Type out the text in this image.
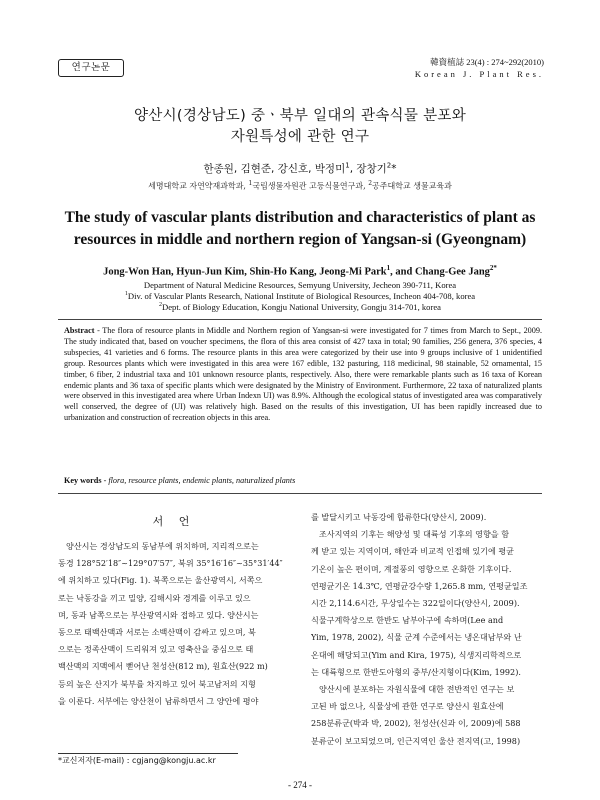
연구논문	韓資植誌 23(4) : 274~292(2010)
Korean J. Plant Res.
양산시(경상남도) 중ㆍ북부 일대의 관속식물 분포와
자원특성에 관한 연구
한종원, 김현준, 강신호, 박정미$^1$, 장창기$^2$*
세명대학교 자연약재과학과, $^1$국립생물자원관 고등식물연구과, $^2$공주대학교 생물교육과
The study of vascular plants distribution and characteristics of plant as
resources in middle and northern region of Yangsan-si (Gyeongnam)
Jong-Won Han, Hyun-Jun Kim, Shin-Ho Kang, Jeong-Mi Park$^1$, and Chang-Gee Jang$^{2*}$
Department of Natural Medicine Resources, Semyung University, Jecheon 390-711, Korea
$^1$Div. of Vascular Plants Research, National Institute of Biological Resources, Incheon 404-708, korea
$^2$Dept. of Biology Education, Kongju National University, Gongju 314-701, korea
Abstract - The flora of resource plants in Middle and Northern region of Yangsan-si were investigated for 7 times from March to Sept., 2009. The study indicated that, based on voucher specimens, the flora of this area consist of 427 taxa in total; 90 families, 256 genera, 376 species, 4 subspecies, 41 varieties and 6 forms. The resource plants in this area were categorized by their use into 9 groups inclusive of 1 unidentified group. Resources plants which were investigated in this area were 167 edible, 132 pasturing, 118 medicinal, 98 stainable, 52 ornamental, 15 timber, 6 fiber, 2 industrial taxa and 101 unknown resource plants, respectively. Also, there were remarkable plants such as 16 taxa of Korean endemic plants and 36 taxa of specific plants which were designated by the Ministry of Environment. Furthermore, 22 taxa of naturalized plants were observed in this investigated area where Urban Indexn UI) was 8.9%. Although the ecological status of investigated area was comparatively well conserved, the degree of (UI) was relatively high. Based on the results of this investigation, UI has been rapidly increased due to urbanization and construction of recreation objects in this area.
Key words - flora, resource plants, endemic plants, naturalized plants
서 언
양산시는 경상남도의 동남부에 위치하며, 지리적으로는
동경 128°52′18″~129°07′57″, 북위 35°16′16″~35°31′44″
에 위치하고 있다(Fig. 1). 북쪽으로는 울산광역시, 서쪽으
로는 낙동강을 끼고 밀양, 김해시와 경계를 이루고 있으
며, 동과 남쪽으로는 부산광역시와 접하고 있다. 양산시는
동으로 태백산맥과 서로는 소백산맥이 감싸고 있으며, 북
으로는 정족산맥이 드리워져 있고 영축산을 중심으로 태
백산맥의 지맥에서 뻗어난 천성산(812 m), 원효산(922 m)
등의 높은 산지가 북부를 차지하고 있어 북고남저의 지형
을 이룬다. 서부에는 양산천이 남류하면서 그 양안에 평야
를 발달시키고 낙동강에 합류한다(양산시, 2009).
조사지역의 기후는 해양성 및 대륙성 기후의 영향을 함
께 받고 있는 지역이며, 해안과 비교적 인접해 있기에 평균
기온이 높은 편이며, 계절풍의 영향으로 온화한 기후이다.
연평균기온 14.3℃, 연평균강수량 1,265.8 mm, 연평균일조
시간 2,114.6시간, 무상일수는 322일이다(양산시, 2009).
식물구계학상으로 한반도 남부아구에 속하며(Lee and
Yim, 1978, 2002), 식물 군계 수준에서는 냉온대남부와 난
온대에 해당되고(Yim and Kira, 1975), 식생지리학적으로
는 대륙형으로 한반도아형의 중부/산지형이다(Kim, 1992).
양산시에 분포하는 자원식물에 대한 전반적인 연구는 보
고된 바 없으나, 식물상에 관한 연구로 양산시 원효산에
258분류군(박과 박, 2002), 천성산(신과 이, 2009)에 588
분류군이 보고되었으며, 인근지역인 울산 전지역(고, 1998)
*교신저자(E-mail) : cgjang@kongju.ac.kr
- 274 -
